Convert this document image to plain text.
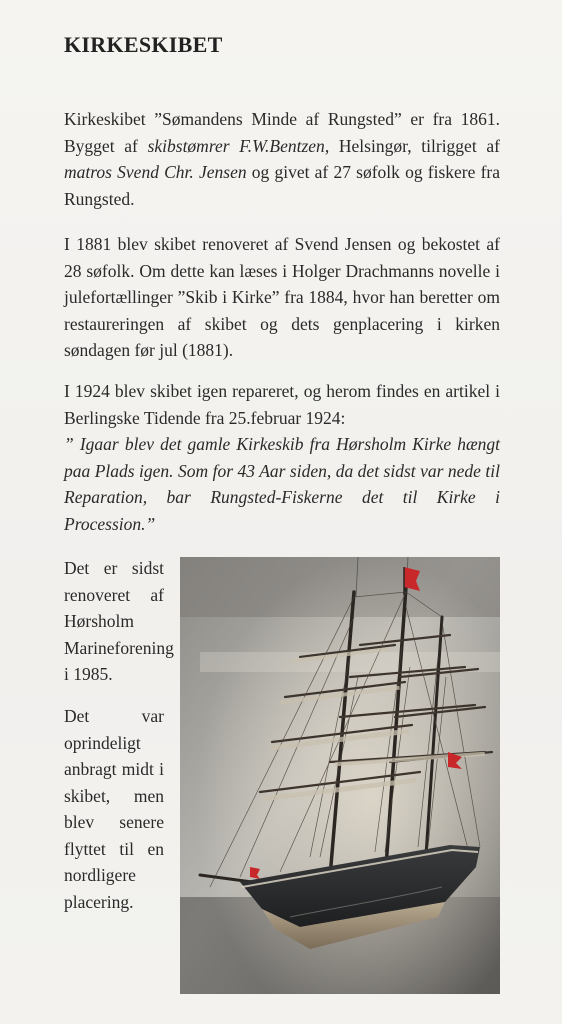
KIRKESKIBET

Kirkeskibet ”Sømandens Minde af Rungsted” er fra 1861. Bygget af skibstømrer F.W.Bentzen, Helsingør, tilrigget af matros Svend Chr. Jensen og givet af 27 søfolk og fiskere fra Rungsted.

I 1881 blev skibet renoveret af Svend Jensen og bekostet af 28 søfolk. Om dette kan læses i Holger Drachmanns novelle i julefortællinger ”Skib i Kirke” fra 1884, hvor han beretter om restaureringen af skibet og dets genplacering i kirken søndagen før jul (1881).

I 1924 blev skibet igen repareret, og herom findes en artikel i Berlingske Tidende fra 25.februar 1924:
” Igaar blev det gamle Kirkeskib fra Hørsholm Kirke hængt paa Plads igen. Som for 43 Aar siden, da det sidst var nede til Reparation, bar Rungsted-Fiskerne det til Kirke i Procession.”

Det er sidst renoveret af Hørsholm Marineforening i 1985.

Det var oprindeligt anbragt midt i skibet, men blev senere flyttet til en nordligere placering.
